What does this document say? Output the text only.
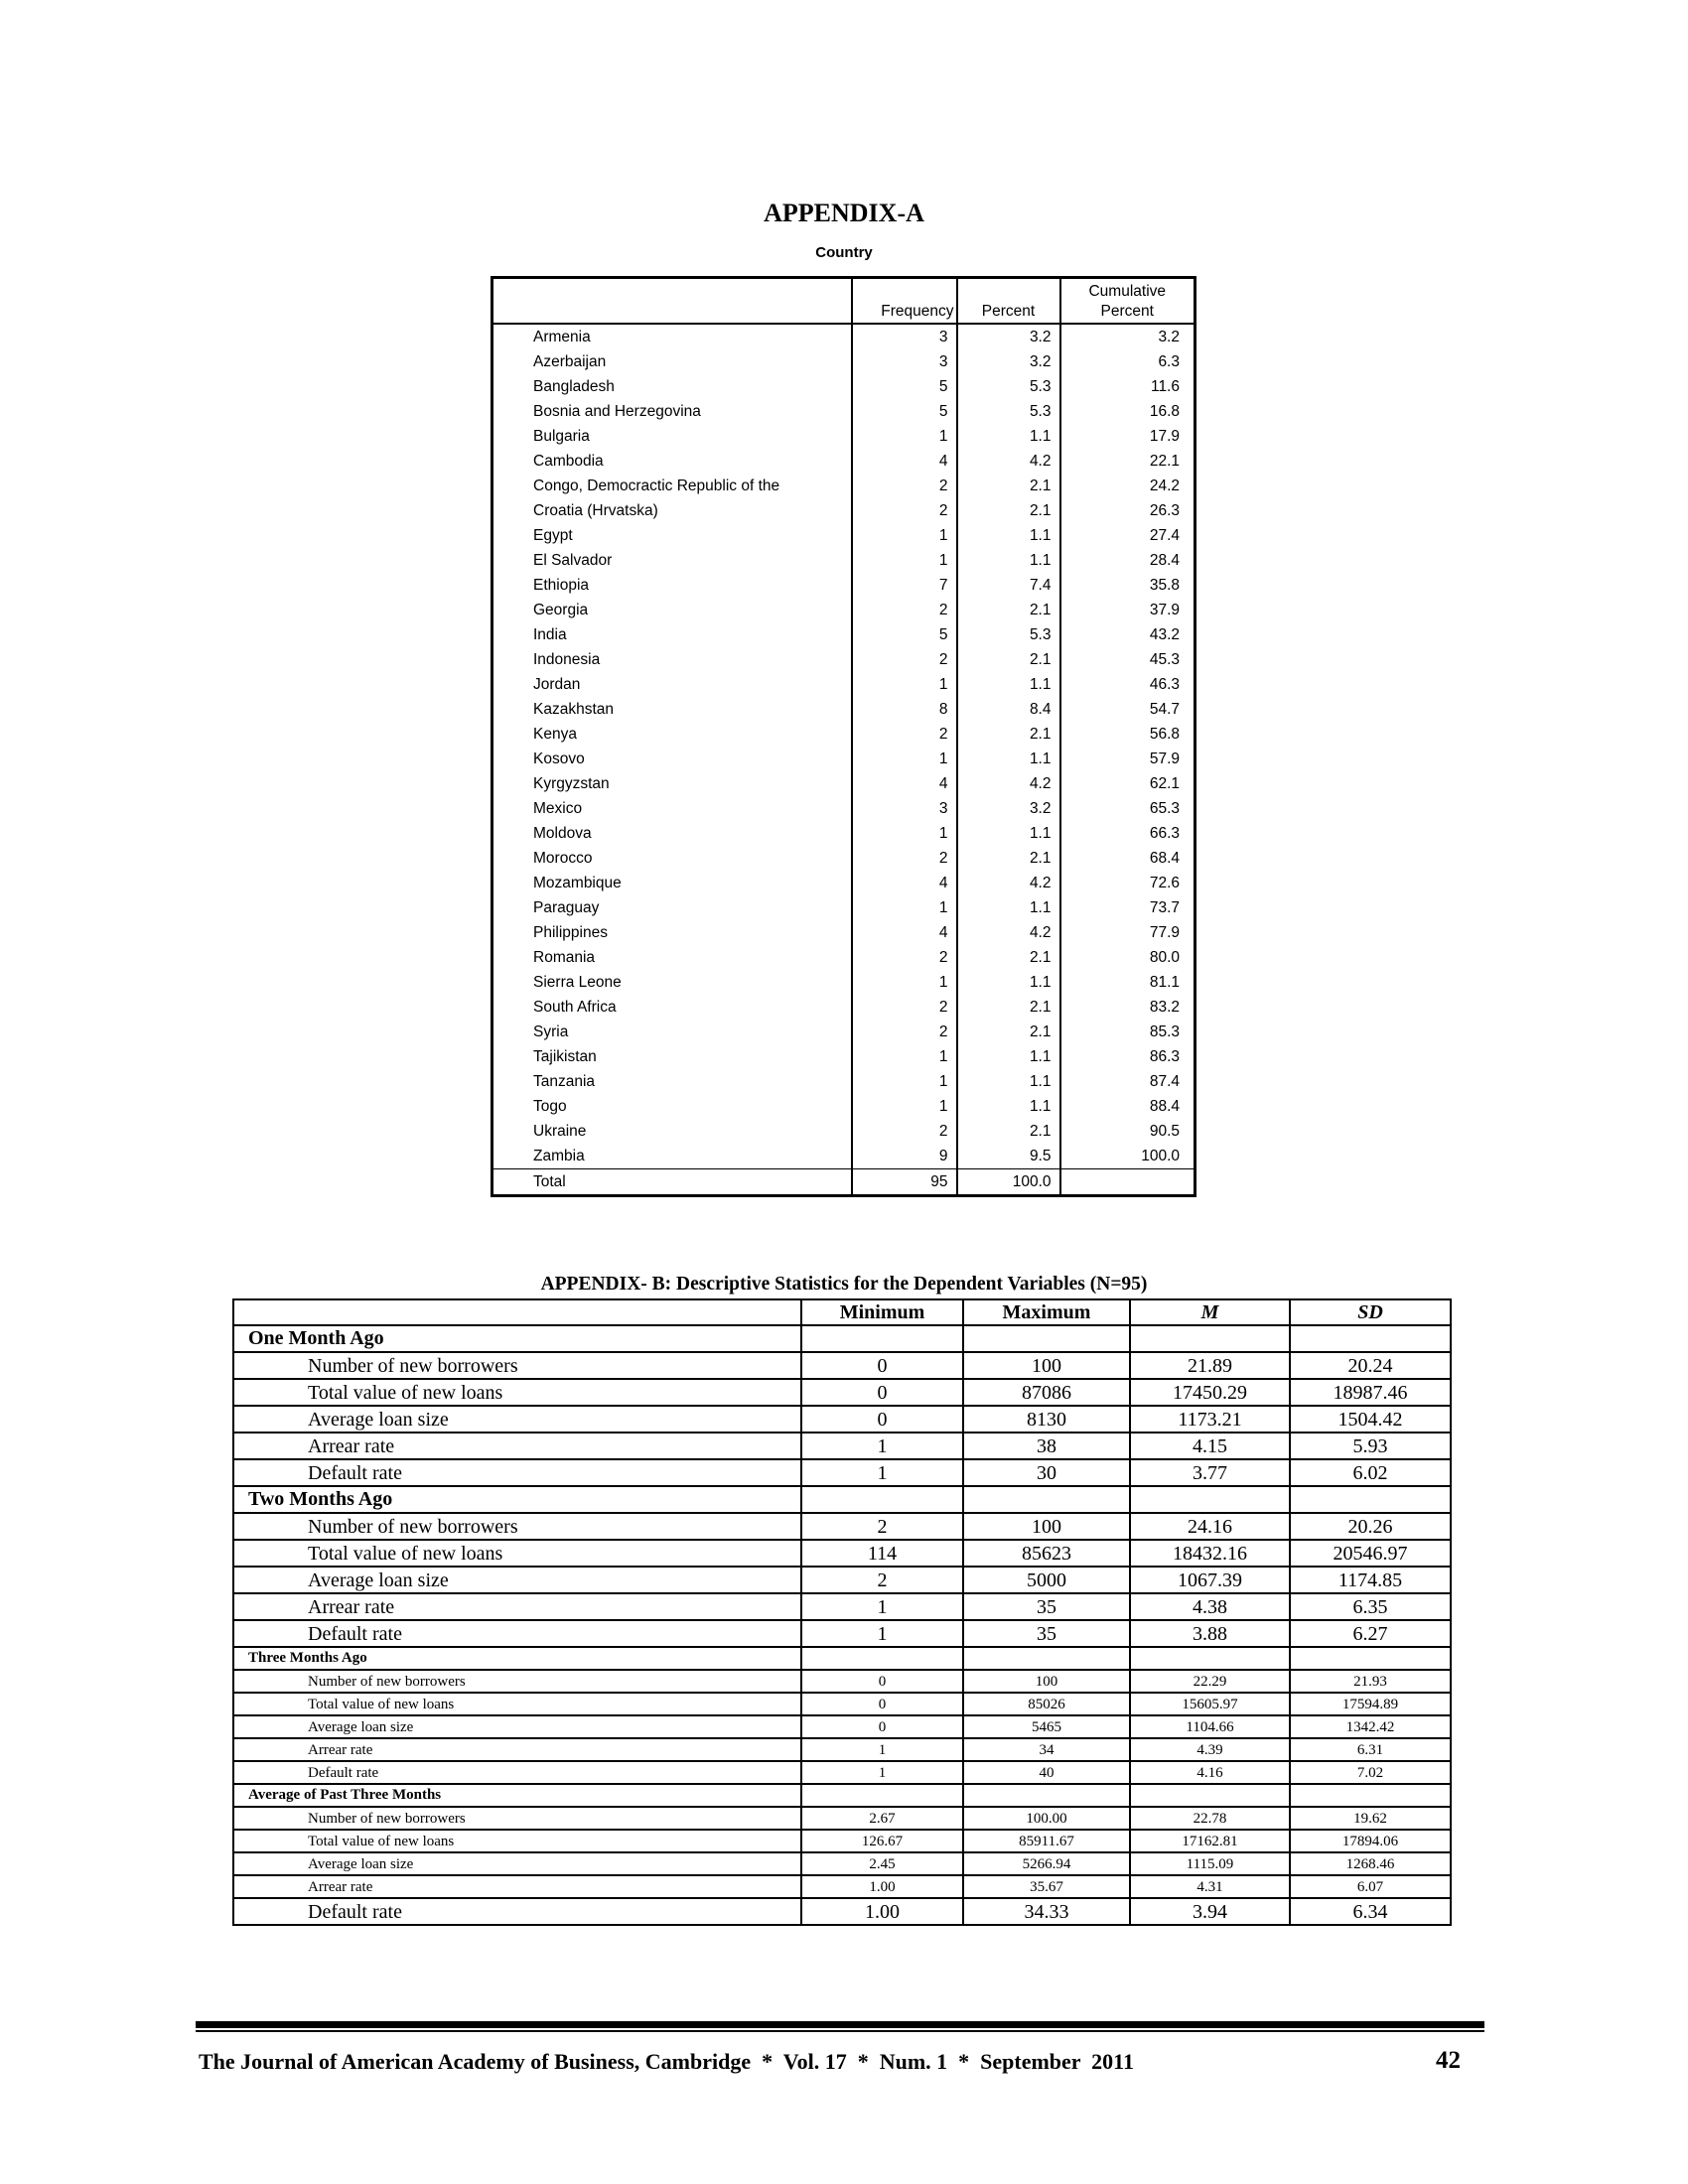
APPENDIX-A
Country
	Frequency	Percent	Cumulative
Percent
Armenia	3	3.2	3.2
Azerbaijan	3	3.2	6.3
Bangladesh	5	5.3	11.6
Bosnia and Herzegovina	5	5.3	16.8
Bulgaria	1	1.1	17.9
Cambodia	4	4.2	22.1
Congo, Democractic Republic of the	2	2.1	24.2
Croatia (Hrvatska)	2	2.1	26.3
Egypt	1	1.1	27.4
El Salvador	1	1.1	28.4
Ethiopia	7	7.4	35.8
Georgia	2	2.1	37.9
India	5	5.3	43.2
Indonesia	2	2.1	45.3
Jordan	1	1.1	46.3
Kazakhstan	8	8.4	54.7
Kenya	2	2.1	56.8
Kosovo	1	1.1	57.9
Kyrgyzstan	4	4.2	62.1
Mexico	3	3.2	65.3
Moldova	1	1.1	66.3
Morocco	2	2.1	68.4
Mozambique	4	4.2	72.6
Paraguay	1	1.1	73.7
Philippines	4	4.2	77.9
Romania	2	2.1	80.0
Sierra Leone	1	1.1	81.1
South Africa	2	2.1	83.2
Syria	2	2.1	85.3
Tajikistan	1	1.1	86.3
Tanzania	1	1.1	87.4
Togo	1	1.1	88.4
Ukraine	2	2.1	90.5
Zambia	9	9.5	100.0
Total	95	100.0	
APPENDIX- B: Descriptive Statistics for the Dependent Variables (N=95)
	Minimum	Maximum	M	SD
One Month Ago				
Number of new borrowers	0	100	21.89	20.24
Total value of new loans	0	87086	17450.29	18987.46
Average loan size	0	8130	1173.21	1504.42
Arrear rate	1	38	4.15	5.93
Default rate	1	30	3.77	6.02
Two Months Ago				
Number of new borrowers	2	100	24.16	20.26
Total value of new loans	114	85623	18432.16	20546.97
Average loan size	2	5000	1067.39	1174.85
Arrear rate	1	35	4.38	6.35
Default rate	1	35	3.88	6.27
Three Months Ago				
Number of new borrowers	0	100	22.29	21.93
Total value of new loans	0	85026	15605.97	17594.89
Average loan size	0	5465	1104.66	1342.42
Arrear rate	1	34	4.39	6.31
Default rate	1	40	4.16	7.02
Average of Past Three Months				
Number of new borrowers	2.67	100.00	22.78	19.62
Total value of new loans	126.67	85911.67	17162.81	17894.06
Average loan size	2.45	5266.94	1115.09	1268.46
Arrear rate	1.00	35.67	4.31	6.07
Default rate	1.00	34.33	3.94	6.34
The Journal of American Academy of Business, Cambridge  *  Vol. 17  *  Num. 1  *  September  2011	42
